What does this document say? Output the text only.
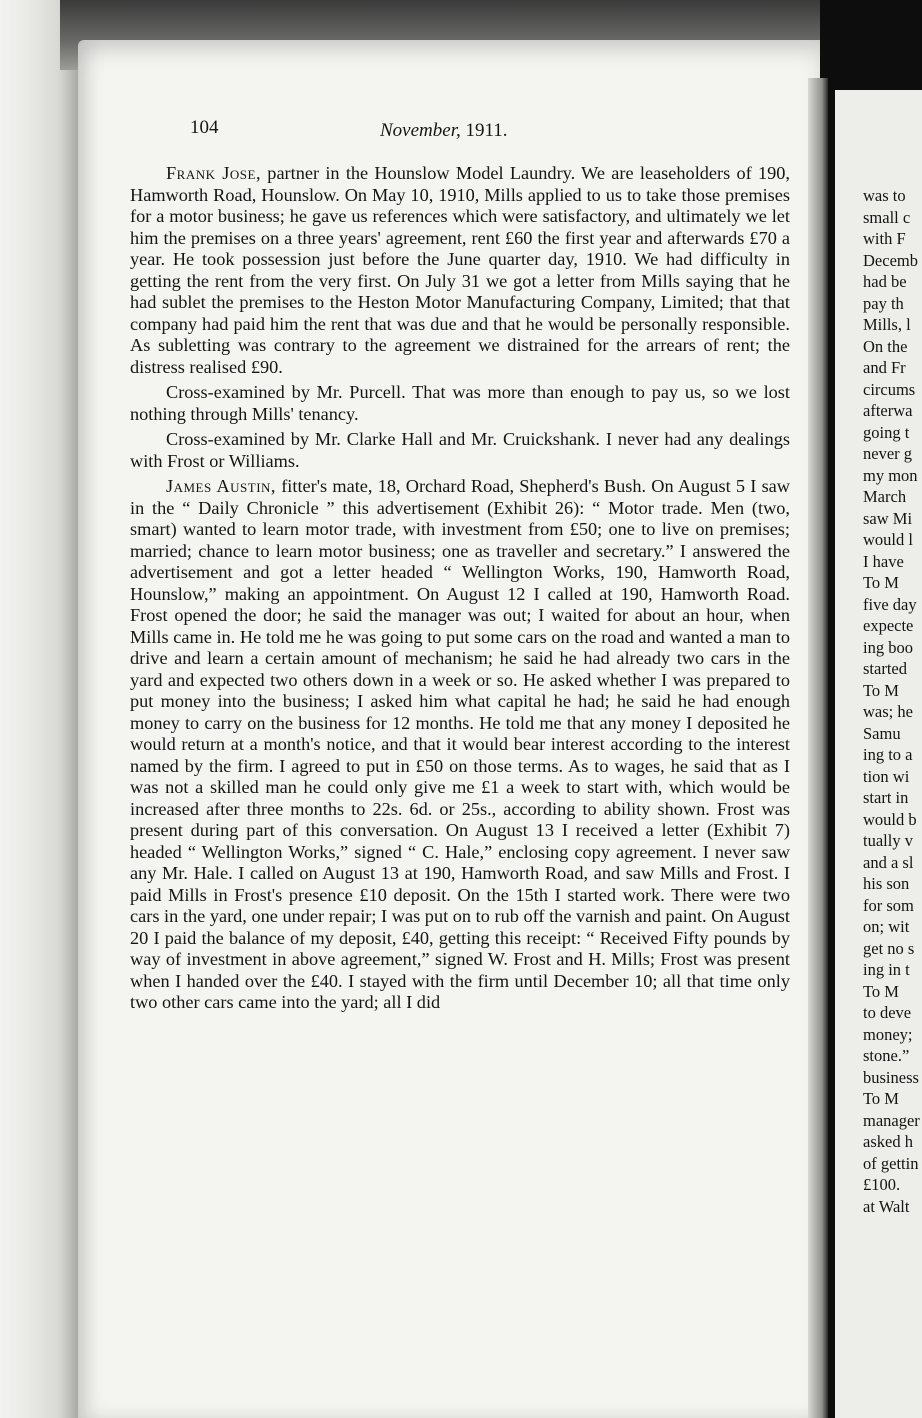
104	November, 1911.

Frank Jose, partner in the Hounslow Model Laundry. We are leaseholders of 190, Hamworth Road, Hounslow. On May 10, 1910, Mills applied to us to take those premises for a motor business; he gave us references which were satisfactory, and ultimately we let him the premises on a three years' agreement, rent £60 the first year and afterwards £70 a year. He took possession just before the June quarter day, 1910. We had difficulty in getting the rent from the very first. On July 31 we got a letter from Mills saying that he had sublet the premises to the Heston Motor Manufacturing Company, Limited; that that company had paid him the rent that was due and that he would be personally responsible. As subletting was contrary to the agreement we distrained for the arrears of rent; the distress realised £90.

Cross-examined by Mr. Purcell. That was more than enough to pay us, so we lost nothing through Mills' tenancy.

Cross-examined by Mr. Clarke Hall and Mr. Cruickshank. I never had any dealings with Frost or Williams.

James Austin, fitter's mate, 18, Orchard Road, Shepherd's Bush. On August 5 I saw in the “ Daily Chronicle ” this advertisement (Exhibit 26): “ Motor trade. Men (two, smart) wanted to learn motor trade, with investment from £50; one to live on premises; married; chance to learn motor business; one as traveller and secretary.” I answered the advertisement and got a letter headed “ Wellington Works, 190, Hamworth Road, Hounslow,” making an appointment. On August 12 I called at 190, Hamworth Road. Frost opened the door; he said the manager was out; I waited for about an hour, when Mills came in. He told me he was going to put some cars on the road and wanted a man to drive and learn a certain amount of mechanism; he said he had already two cars in the yard and expected two others down in a week or so. He asked whether I was prepared to put money into the business; I asked him what capital he had; he said he had enough money to carry on the business for 12 months. He told me that any money I deposited he would return at a month's notice, and that it would bear interest according to the interest named by the firm. I agreed to put in £50 on those terms. As to wages, he said that as I was not a skilled man he could only give me £1 a week to start with, which would be increased after three months to 22s. 6d. or 25s., according to ability shown. Frost was present during part of this conversation. On August 13 I received a letter (Exhibit 7) headed “ Wellington Works,” signed “ C. Hale,” enclosing copy agreement. I never saw any Mr. Hale. I called on August 13 at 190, Hamworth Road, and saw Mills and Frost. I paid Mills in Frost's presence £10 deposit. On the 15th I started work. There were two cars in the yard, one under repair; I was put on to rub off the varnish and paint. On August 20 I paid the balance of my deposit, £40, getting this receipt: “ Received Fifty pounds by way of investment in above agreement,” signed W. Frost and H. Mills; Frost was present when I handed over the £40. I stayed with the firm until December 10; all that time only two other cars came into the yard; all I did

was to
small c
with F
Decemb
had be
pay th
Mills, l
On the
and Fr
circums
afterwa
going t
never g
my mon
March
saw Mi
would l
I have
To M
five day
expecte
ing boo
started
To M
was; he
Samu
ing to a
tion wi
start in
would b
tually v
and a sl
his son
for som
on; wit
get no s
ing in t
To M
to deve
money;
stone.”
business
To M
manager
asked h
of gettin
£100.
at Walt
